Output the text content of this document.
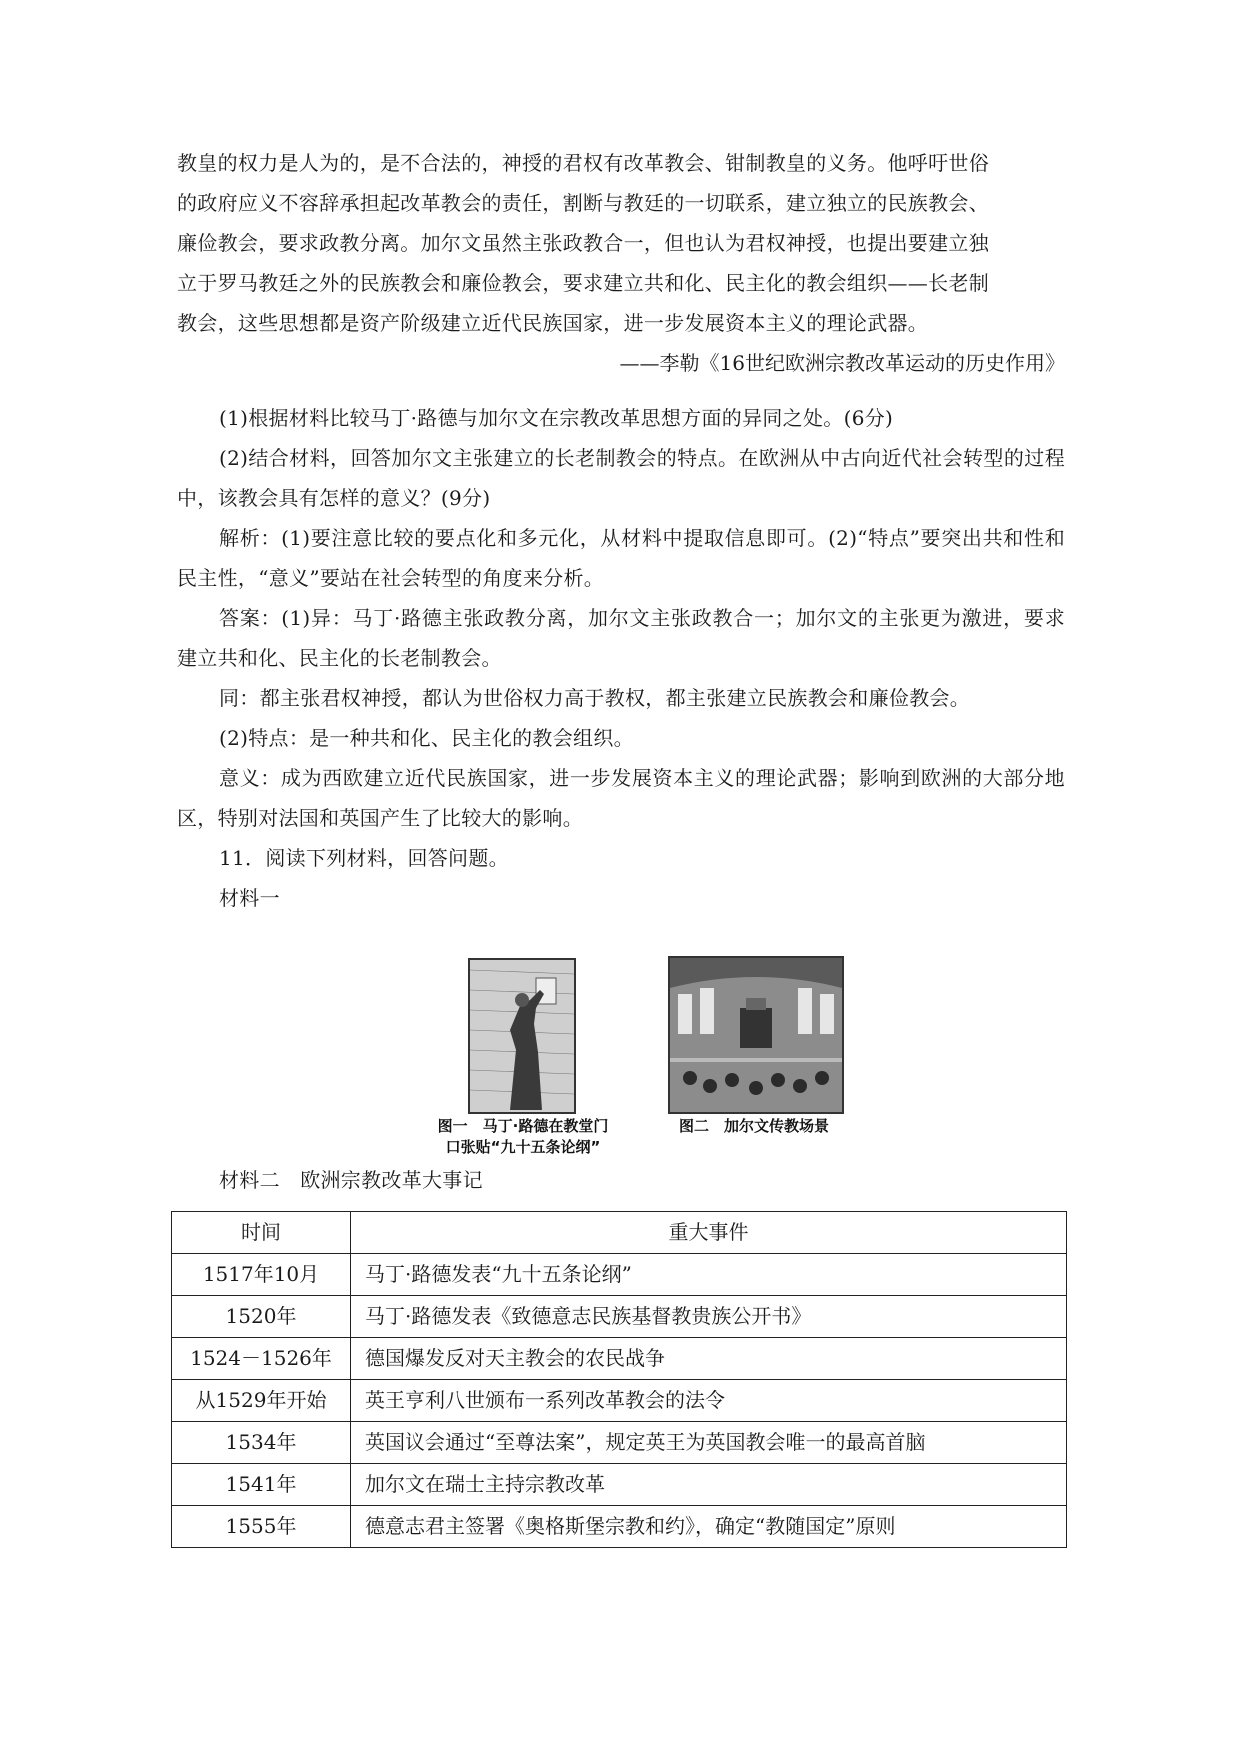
教皇的权力是人为的，是不合法的，神授的君权有改革教会、钳制教皇的义务。他呼吁世俗

的政府应义不容辞承担起改革教会的责任，割断与教廷的一切联系，建立独立的民族教会、

廉俭教会，要求政教分离。加尔文虽然主张政教合一，但也认为君权神授，也提出要建立独

立于罗马教廷之外的民族教会和廉俭教会，要求建立共和化、民主化的教会组织——长老制

教会，这些思想都是资产阶级建立近代民族国家，进一步发展资本主义的理论武器。

——李勒《16世纪欧洲宗教改革运动的历史作用》

(1)根据材料比较马丁·路德与加尔文在宗教改革思想方面的异同之处。(6分)

(2)结合材料，回答加尔文主张建立的长老制教会的特点。在欧洲从中古向近代社会转型的过程中，该教会具有怎样的意义？(9分)

解析：(1)要注意比较的要点化和多元化，从材料中提取信息即可。(2)“特点”要突出共和性和民主性，“意义”要站在社会转型的角度来分析。

答案：(1)异：马丁·路德主张政教分离，加尔文主张政教合一；加尔文的主张更为激进，要求建立共和化、民主化的长老制教会。

同：都主张君权神授，都认为世俗权力高于教权，都主张建立民族教会和廉俭教会。

(2)特点：是一种共和化、民主化的教会组织。

意义：成为西欧建立近代民族国家，进一步发展资本主义的理论武器；影响到欧洲的大部分地区，特别对法国和英国产生了比较大的影响。

11．阅读下列材料，回答问题。

材料一

图一　马丁·路德在教堂门
口张贴“九十五条论纲”
图二　加尔文传教场景

材料二　欧洲宗教改革大事记

时间	重大事件
1517年10月	马丁·路德发表“九十五条论纲”
1520年	马丁·路德发表《致德意志民族基督教贵族公开书》
1524－1526年	德国爆发反对天主教会的农民战争
从1529年开始	英王亨利八世颁布一系列改革教会的法令
1534年	英国议会通过“至尊法案”，规定英王为英国教会唯一的最高首脑
1541年	加尔文在瑞士主持宗教改革
1555年	德意志君主签署《奥格斯堡宗教和约》，确定“教随国定”原则
